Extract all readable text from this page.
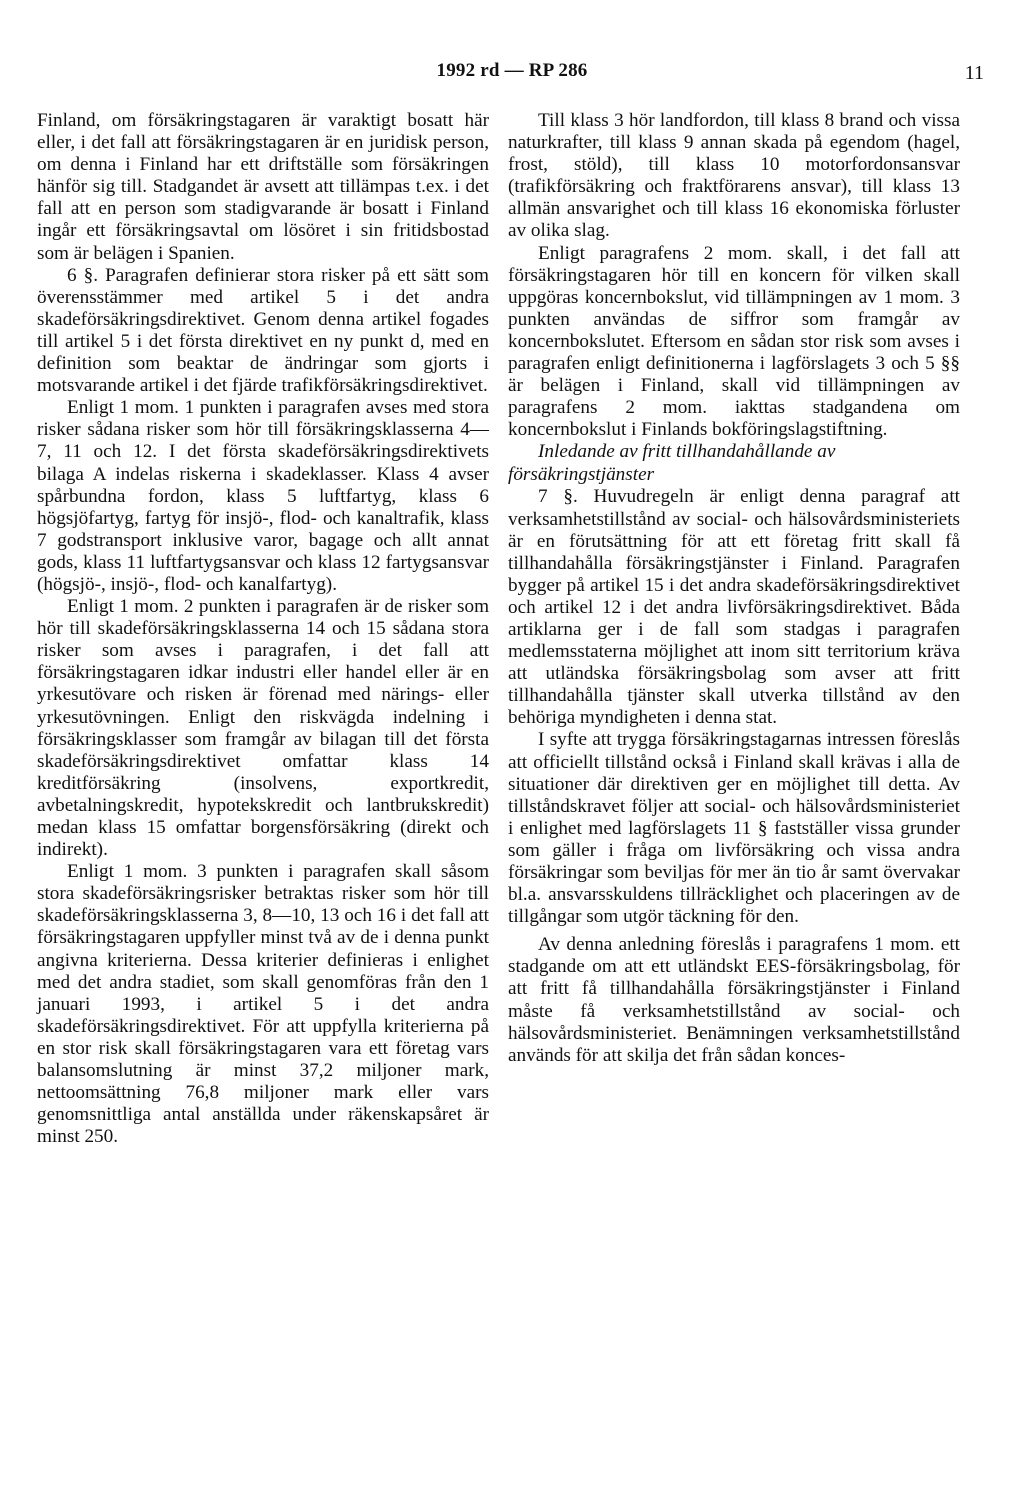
1992 rd — RP 286	11

Finland, om försäkringstagaren är varaktigt bosatt här eller, i det fall att försäkringstagaren är en juridisk person, om denna i Finland har ett driftställe som försäkringen hänför sig till. Stadgandet är avsett att tillämpas t.ex. i det fall att en person som stadigvarande är bosatt i Finland ingår ett försäkringsavtal om lösöret i sin fritidsbostad som är belägen i Spanien.

6 §. Paragrafen definierar stora risker på ett sätt som överensstämmer med artikel 5 i det andra skadeförsäkringsdirektivet. Genom denna artikel fogades till artikel 5 i det första direktivet en ny punkt d, med en definition som beaktar de ändringar som gjorts i motsvarande artikel i det fjärde trafikförsäkringsdirektivet.

Enligt 1 mom. 1 punkten i paragrafen avses med stora risker sådana risker som hör till försäkringsklasserna 4—7, 11 och 12. I det första skadeförsäkringsdirektivets bilaga A indelas riskerna i skadeklasser. Klass 4 avser spårbundna fordon, klass 5 luftfartyg, klass 6 högsjöfartyg, fartyg för insjö-, flod- och kanaltrafik, klass 7 godstransport inklusive varor, bagage och allt annat gods, klass 11 luftfartygsansvar och klass 12 fartygsansvar (högsjö-, insjö-, flod- och kanalfartyg).

Enligt 1 mom. 2 punkten i paragrafen är de risker som hör till skadeförsäkringsklasserna 14 och 15 sådana stora risker som avses i paragrafen, i det fall att försäkringstagaren idkar industri eller handel eller är en yrkesutövare och risken är förenad med närings- eller yrkesutövningen. Enligt den riskvägda indelning i försäkringsklasser som framgår av bilagan till det första skadeförsäkringsdirektivet omfattar klass 14 kreditförsäkring (insolvens, exportkredit, avbetalningskredit, hypotekskredit och lantbrukskredit) medan klass 15 omfattar borgensförsäkring (direkt och indirekt).

Enligt 1 mom. 3 punkten i paragrafen skall såsom stora skadeförsäkringsrisker betraktas risker som hör till skadeförsäkringsklasserna 3, 8—10, 13 och 16 i det fall att försäkringstagaren uppfyller minst två av de i denna punkt angivna kriterierna. Dessa kriterier definieras i enlighet med det andra stadiet, som skall genomföras från den 1 januari 1993, i artikel 5 i det andra skadeförsäkringsdirektivet. För att uppfylla kriterierna på en stor risk skall försäkringstagaren vara ett företag vars balansomslutning är minst 37,2 miljoner mark, nettoomsättning 76,8 miljoner mark eller vars genomsnittliga antal anställda under räkenskapsåret är minst 250.

Till klass 3 hör landfordon, till klass 8 brand och vissa naturkrafter, till klass 9 annan skada på egendom (hagel, frost, stöld), till klass 10 motorfordonsansvar (trafikförsäkring och fraktförarens ansvar), till klass 13 allmän ansvarighet och till klass 16 ekonomiska förluster av olika slag.

Enligt paragrafens 2 mom. skall, i det fall att försäkringstagaren hör till en koncern för vilken skall uppgöras koncernbokslut, vid tillämpningen av 1 mom. 3 punkten användas de siffror som framgår av koncernbokslutet. Eftersom en sådan stor risk som avses i paragrafen enligt definitionerna i lagförslagets 3 och 5 §§ är belägen i Finland, skall vid tillämpningen av paragrafens 2 mom. iakttas stadgandena om koncernbokslut i Finlands bokföringslagstiftning.

Inledande av fritt tillhandahållande av försäkringstjänster

7 §. Huvudregeln är enligt denna paragraf att verksamhetstillstånd av social- och hälsovårdsministeriets är en förutsättning för att ett företag fritt skall få tillhandahålla försäkringstjänster i Finland. Paragrafen bygger på artikel 15 i det andra skadeförsäkringsdirektivet och artikel 12 i det andra livförsäkringsdirektivet. Båda artiklarna ger i de fall som stadgas i paragrafen medlemsstaterna möjlighet att inom sitt territorium kräva att utländska försäkringsbolag som avser att fritt tillhandahålla tjänster skall utverka tillstånd av den behöriga myndigheten i denna stat.

I syfte att trygga försäkringstagarnas intressen föreslås att officiellt tillstånd också i Finland skall krävas i alla de situationer där direktiven ger en möjlighet till detta. Av tillståndskravet följer att social- och hälsovårdsministeriet i enlighet med lagförslagets 11 § fastställer vissa grunder som gäller i fråga om livförsäkring och vissa andra försäkringar som beviljas för mer än tio år samt övervakar bl.a. ansvarsskuldens tillräcklighet och placeringen av de tillgångar som utgör täckning för den.

Av denna anledning föreslås i paragrafens 1 mom. ett stadgande om att ett utländskt EES-försäkringsbolag, för att fritt få tillhandahålla försäkringstjänster i Finland måste få verksamhetstillstånd av social- och hälsovårdsministeriet. Benämningen verksamhetstillstånd används för att skilja det från sådan konces-
